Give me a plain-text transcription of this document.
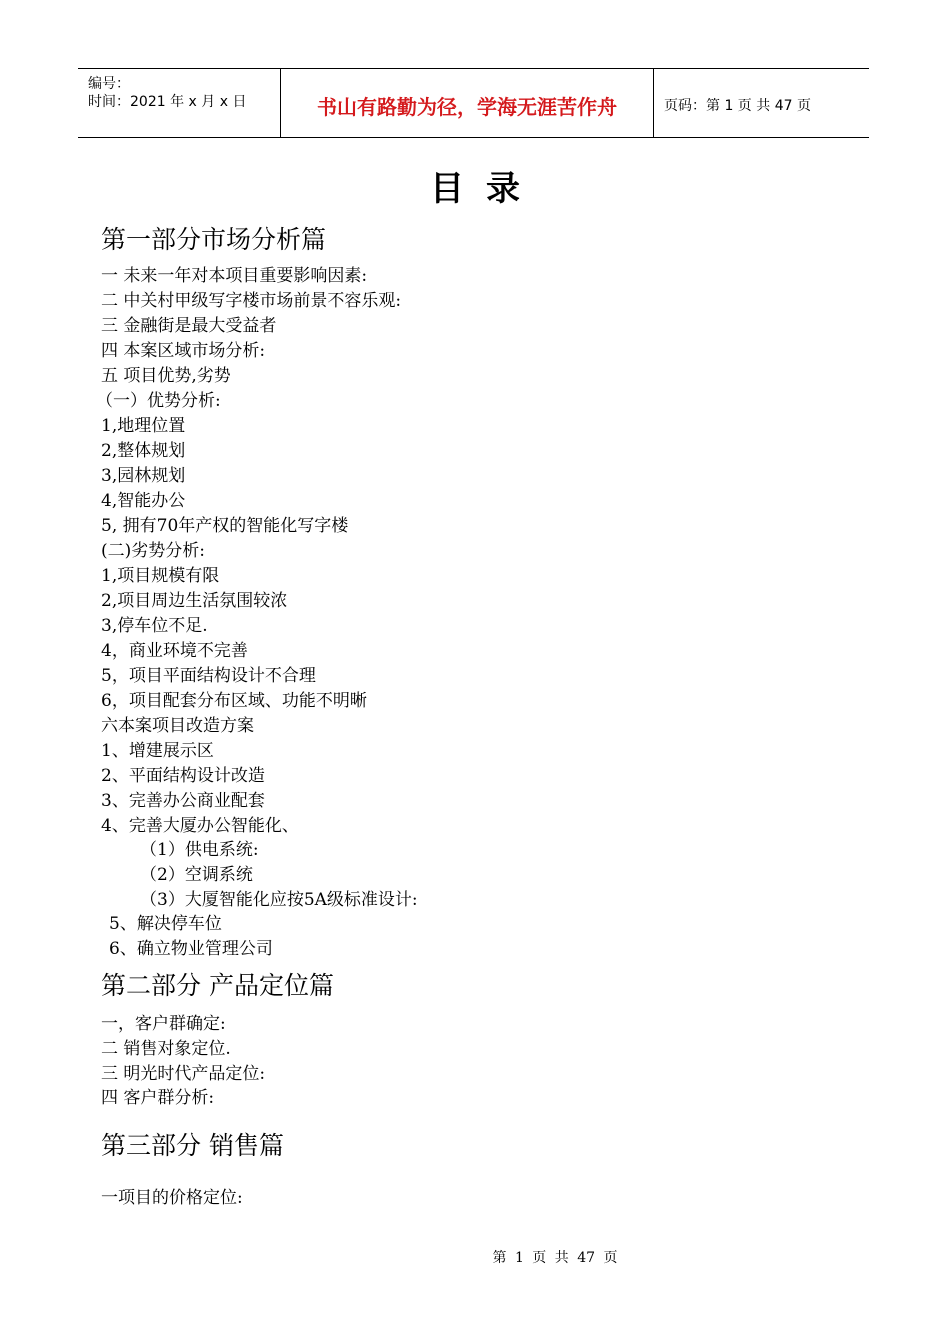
编号：
时间：2021 年 x 月 x 日	书山有路勤为径，学海无涯苦作舟	页码：第 1 页 共 47 页
目录
第一部分市场分析篇
一 未来一年对本项目重要影响因素:
二 中关村甲级写字楼市场前景不容乐观:
三 金融街是最大受益者
四 本案区域市场分析:
五 项目优势,劣势
（一）优势分析:
1,地理位置
2,整体规划
3,园林规划
4,智能办公
5, 拥有70年产权的智能化写字楼
(二)劣势分析:
1,项目规模有限
2,项目周边生活氛围较浓
3,停车位不足.
4，商业环境不完善
5，项目平面结构设计不合理
6，项目配套分布区域、功能不明晰
六本案项目改造方案
1、增建展示区
2、平面结构设计改造
3、完善办公商业配套
4、完善大厦办公智能化、
（1）供电系统:
（2）空调系统
（3）大厦智能化应按5A级标准设计:
5、解决停车位
6、确立物业管理公司
第二部分 产品定位篇
一，客户群确定:
二 销售对象定位.
三 明光时代产品定位:
四 客户群分析:
第三部分 销售篇
一项目的价格定位:
第 1 页 共 47 页
